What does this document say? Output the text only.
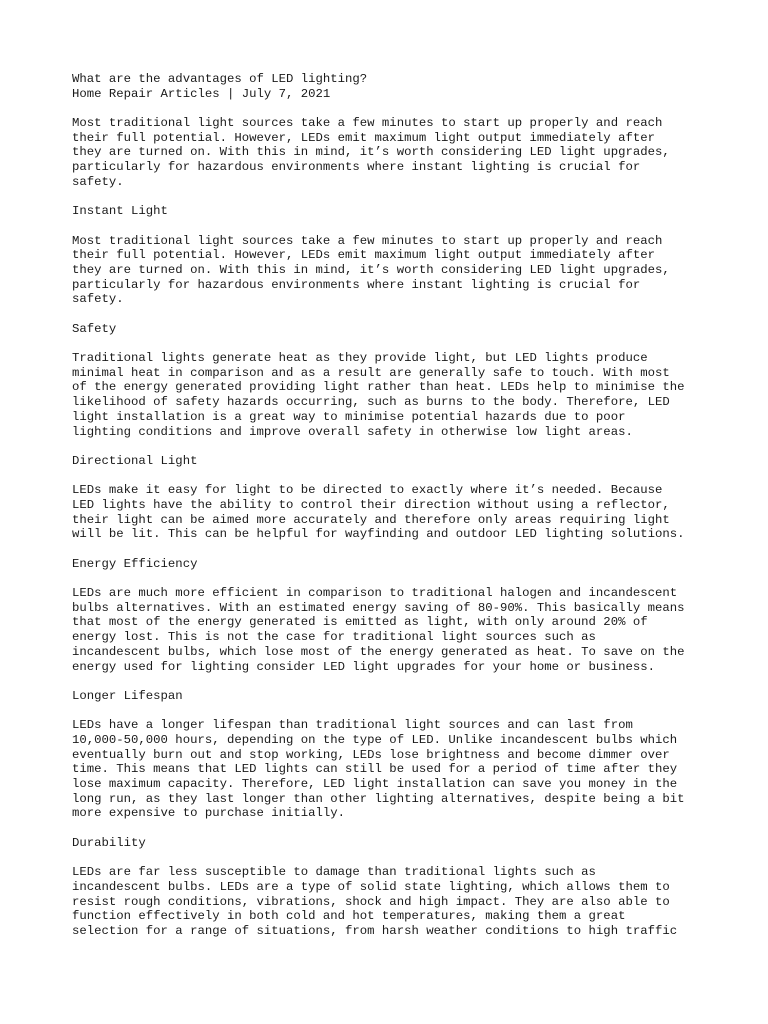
What are the advantages of LED lighting?
Home Repair Articles | July 7, 2021
Most traditional light sources take a few minutes to start up properly and reach
their full potential. However, LEDs emit maximum light output immediately after
they are turned on. With this in mind, it’s worth considering LED light upgrades,
particularly for hazardous environments where instant lighting is crucial for
safety.
Instant Light
Most traditional light sources take a few minutes to start up properly and reach
their full potential. However, LEDs emit maximum light output immediately after
they are turned on. With this in mind, it’s worth considering LED light upgrades,
particularly for hazardous environments where instant lighting is crucial for
safety.
Safety
Traditional lights generate heat as they provide light, but LED lights produce
minimal heat in comparison and as a result are generally safe to touch. With most
of the energy generated providing light rather than heat. LEDs help to minimise the
likelihood of safety hazards occurring, such as burns to the body. Therefore, LED
light installation is a great way to minimise potential hazards due to poor
lighting conditions and improve overall safety in otherwise low light areas.
Directional Light
LEDs make it easy for light to be directed to exactly where it’s needed. Because
LED lights have the ability to control their direction without using a reflector,
their light can be aimed more accurately and therefore only areas requiring light
will be lit. This can be helpful for wayfinding and outdoor LED lighting solutions.
Energy Efficiency
LEDs are much more efficient in comparison to traditional halogen and incandescent
bulbs alternatives. With an estimated energy saving of 80-90%. This basically means
that most of the energy generated is emitted as light, with only around 20% of
energy lost. This is not the case for traditional light sources such as
incandescent bulbs, which lose most of the energy generated as heat. To save on the
energy used for lighting consider LED light upgrades for your home or business.
Longer Lifespan
LEDs have a longer lifespan than traditional light sources and can last from
10,000-50,000 hours, depending on the type of LED. Unlike incandescent bulbs which
eventually burn out and stop working, LEDs lose brightness and become dimmer over
time. This means that LED lights can still be used for a period of time after they
lose maximum capacity. Therefore, LED light installation can save you money in the
long run, as they last longer than other lighting alternatives, despite being a bit
more expensive to purchase initially.
Durability
LEDs are far less susceptible to damage than traditional lights such as
incandescent bulbs. LEDs are a type of solid state lighting, which allows them to
resist rough conditions, vibrations, shock and high impact. They are also able to
function effectively in both cold and hot temperatures, making them a great
selection for a range of situations, from harsh weather conditions to high traffic
